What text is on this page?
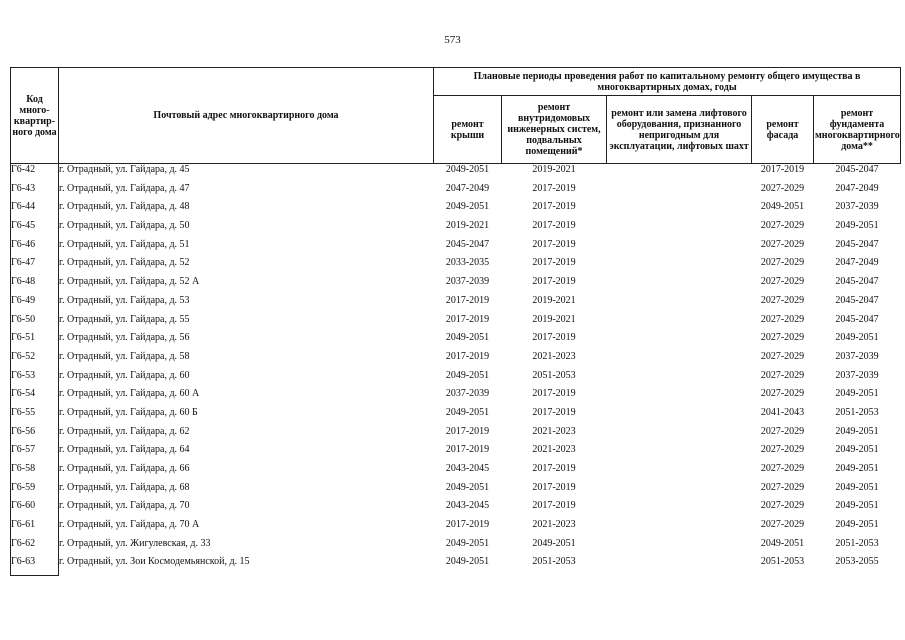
573
Код много-квартир-ного дома	Почтовый адрес многоквартирного дома	Плановые периоды проведения работ по капитальному ремонту общего имущества в многоквартирных домах, годы				
		ремонт крыши	ремонт внутридомовых инженерных систем, подвальных помещений*	ремонт или замена лифтового оборудования, признанного непригодным для эксплуатации, лифтовых шахт	ремонт фасада	ремонт фундамента многоквартирного дома**
Г6-42	г. Отрадный, ул. Гайдара, д. 45	2049-2051	2019-2021		2017-2019	2045-2047
Г6-43	г. Отрадный, ул. Гайдара, д. 47	2047-2049	2017-2019		2027-2029	2047-2049
Г6-44	г. Отрадный, ул. Гайдара, д. 48	2049-2051	2017-2019		2049-2051	2037-2039
Г6-45	г. Отрадный, ул. Гайдара, д. 50	2019-2021	2017-2019		2027-2029	2049-2051
Г6-46	г. Отрадный, ул. Гайдара, д. 51	2045-2047	2017-2019		2027-2029	2045-2047
Г6-47	г. Отрадный, ул. Гайдара, д. 52	2033-2035	2017-2019		2027-2029	2047-2049
Г6-48	г. Отрадный, ул. Гайдара, д. 52 А	2037-2039	2017-2019		2027-2029	2045-2047
Г6-49	г. Отрадный, ул. Гайдара, д. 53	2017-2019	2019-2021		2027-2029	2045-2047
Г6-50	г. Отрадный, ул. Гайдара, д. 55	2017-2019	2019-2021		2027-2029	2045-2047
Г6-51	г. Отрадный, ул. Гайдара, д. 56	2049-2051	2017-2019		2027-2029	2049-2051
Г6-52	г. Отрадный, ул. Гайдара, д. 58	2017-2019	2021-2023		2027-2029	2037-2039
Г6-53	г. Отрадный, ул. Гайдара, д. 60	2049-2051	2051-2053		2027-2029	2037-2039
Г6-54	г. Отрадный, ул. Гайдара, д. 60 А	2037-2039	2017-2019		2027-2029	2049-2051
Г6-55	г. Отрадный, ул. Гайдара, д. 60 Б	2049-2051	2017-2019		2041-2043	2051-2053
Г6-56	г. Отрадный, ул. Гайдара, д. 62	2017-2019	2021-2023		2027-2029	2049-2051
Г6-57	г. Отрадный, ул. Гайдара, д. 64	2017-2019	2021-2023		2027-2029	2049-2051
Г6-58	г. Отрадный, ул. Гайдара, д. 66	2043-2045	2017-2019		2027-2029	2049-2051
Г6-59	г. Отрадный, ул. Гайдара, д. 68	2049-2051	2017-2019		2027-2029	2049-2051
Г6-60	г. Отрадный, ул. Гайдара, д. 70	2043-2045	2017-2019		2027-2029	2049-2051
Г6-61	г. Отрадный, ул. Гайдара, д. 70 А	2017-2019	2021-2023		2027-2029	2049-2051
Г6-62	г. Отрадный, ул. Жигулевская, д. 33	2049-2051	2049-2051		2049-2051	2051-2053
Г6-63	г. Отрадный, ул. Зои Космодемьянской, д. 15	2049-2051	2051-2053		2051-2053	2053-2055
